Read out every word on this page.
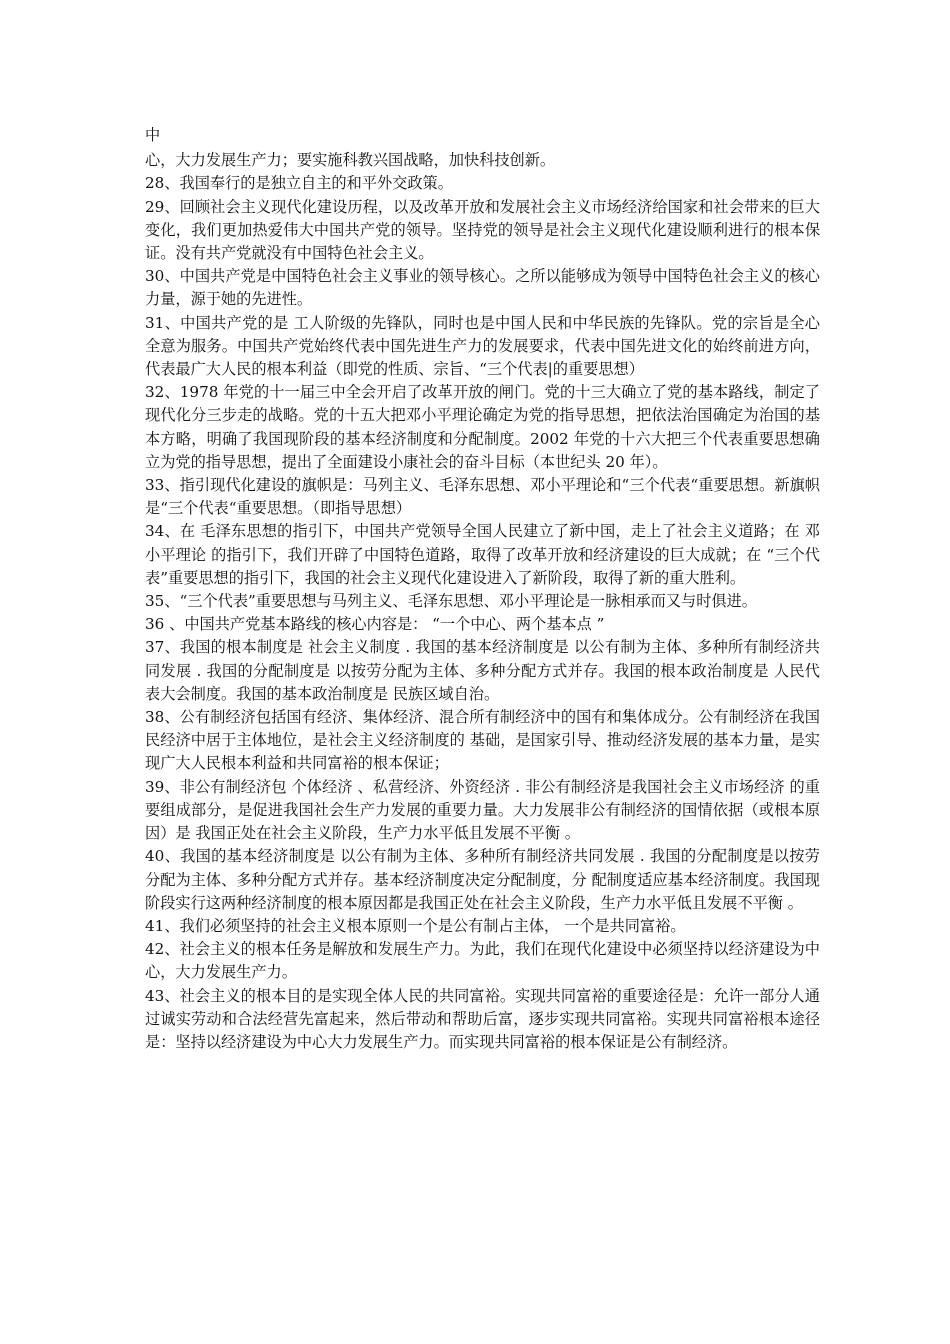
中

心，大力发展生产力；要实施科教兴国战略，加快科技创新。

28、我国奉行的是独立自主的和平外交政策。

29、回顾社会主义现代化建设历程，以及改革开放和发展社会主义市场经济给国家和社会带来的巨大变化，我们更加热爱伟大中国共产党的领导。坚持党的领导是社会主义现代化建设顺利进行的根本保证。没有共产党就没有中国特色社会主义。

30、中国共产党是中国特色社会主义事业的领导核心。之所以能够成为领导中国特色社会主义的核心力量，源于她的先进性。

31、中国共产党的是 工人阶级的先锋队，同时也是中国人民和中华民族的先锋队。党的宗旨是全心全意为服务。中国共产党始终代表中国先进生产力的发展要求，代表中国先进文化的始终前进方向，代表最广大人民的根本利益（即党的性质、宗旨、“三个代表|的重要思想）

32、1978 年党的十一届三中全会开启了改革开放的闸门。党的十三大确立了党的基本路线，制定了现代化分三步走的战略。党的十五大把邓小平理论确定为党的指导思想，把依法治国确定为治国的基本方略，明确了我国现阶段的基本经济制度和分配制度。2002 年党的十六大把三个代表重要思想确立为党的指导思想，提出了全面建设小康社会的奋斗目标（本世纪头 20 年）。

33、指引现代化建设的旗帜是：马列主义、毛泽东思想、邓小平理论和“三个代表“重要思想。新旗帜是“三个代表“重要思想。（即指导思想）

34、在 毛泽东思想的指引下，中国共产党领导全国人民建立了新中国，走上了社会主义道路；在 邓小平理论 的指引下，我们开辟了中国特色道路，取得了改革开放和经济建设的巨大成就；在 “三个代表”重要思想的指引下，我国的社会主义现代化建设进入了新阶段，取得了新的重大胜利。

35、“三个代表”重要思想与马列主义、毛泽东思想、邓小平理论是一脉相承而又与时俱进。

36 、中国共产党基本路线的核心内容是： “一个中心、两个基本点 ”

37、我国的根本制度是 社会主义制度 . 我国的基本经济制度是 以公有制为主体、多种所有制经济共同发展 . 我国的分配制度是 以按劳分配为主体、多种分配方式并存。我国的根本政治制度是 人民代表大会制度。我国的基本政治制度是 民族区域自治。

38、公有制经济包括国有经济、集体经济、混合所有制经济中的国有和集体成分。公有制经济在我国民经济中居于主体地位，是社会主义经济制度的 基础，是国家引导、推动经济发展的基本力量，是实现广大人民根本利益和共同富裕的根本保证；

39、非公有制经济包 个体经济 、私营经济、外资经济 . 非公有制经济是我国社会主义市场经济 的重要组成部分，是促进我国社会生产力发展的重要力量。大力发展非公有制经济的国情依据（或根本原因）是 我国正处在社会主义阶段，生产力水平低且发展不平衡 。

40、我国的基本经济制度是 以公有制为主体、多种所有制经济共同发展 . 我国的分配制度是以按劳分配为主体、多种分配方式并存。基本经济制度决定分配制度，分 配制度适应基本经济制度。我国现阶段实行这两种经济制度的根本原因都是我国正处在社会主义阶段，生产力水平低且发展不平衡 。

41、我们必须坚持的社会主义根本原则一个是公有制占主体， 一个是共同富裕。

42、社会主义的根本任务是解放和发展生产力。为此，我们在现代化建设中必须坚持以经济建设为中心，大力发展生产力。

43、社会主义的根本目的是实现全体人民的共同富裕。实现共同富裕的重要途径是：允许一部分人通过诚实劳动和合法经营先富起来，然后带动和帮助后富，逐步实现共同富裕。实现共同富裕根本途径是：坚持以经济建设为中心大力发展生产力。而实现共同富裕的根本保证是公有制经济。
